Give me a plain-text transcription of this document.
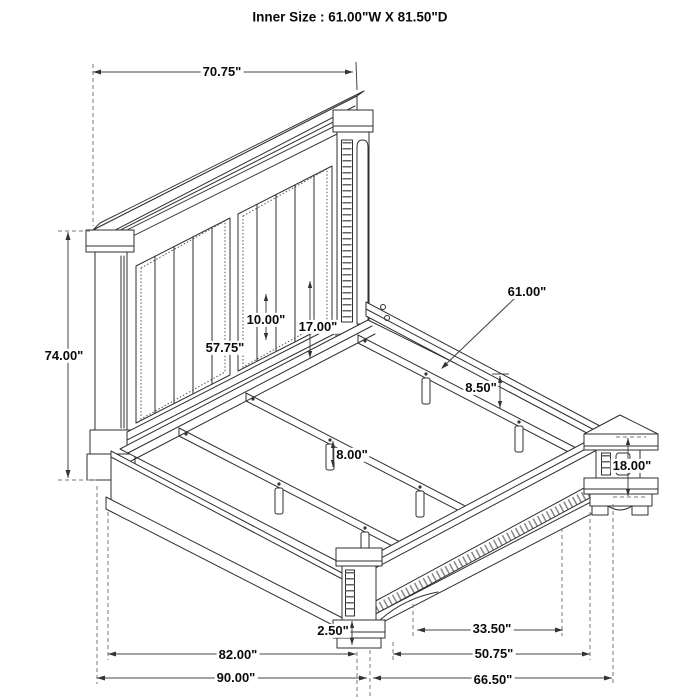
Inner Size : 61.00"W X 81.50"D
70.75"
74.00"
10.00" 17.00"
57.75"
61.00"
8.50"
8.00"
18.00"
2.50"	33.50"
50.75"
82.00"
90.00"	66.50"
